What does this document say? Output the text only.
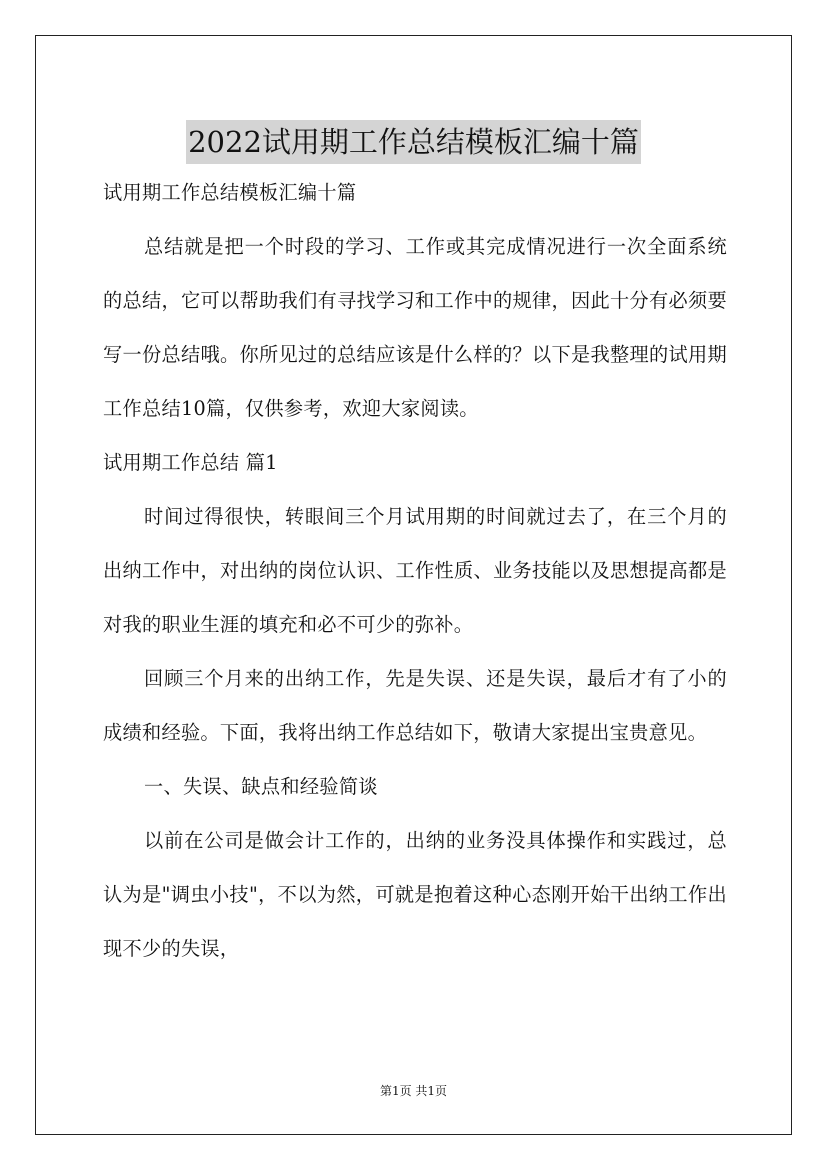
2022试用期工作总结模板汇编十篇

试用期工作总结模板汇编十篇

总结就是把一个时段的学习、工作或其完成情况进行一次全面系统的总结，它可以帮助我们有寻找学习和工作中的规律，因此十分有必须要写一份总结哦。你所见过的总结应该是什么样的？以下是我整理的试用期工作总结10篇，仅供参考，欢迎大家阅读。

试用期工作总结 篇1

时间过得很快，转眼间三个月试用期的时间就过去了，在三个月的出纳工作中，对出纳的岗位认识、工作性质、业务技能以及思想提高都是对我的职业生涯的填充和必不可少的弥补。

回顾三个月来的出纳工作，先是失误、还是失误，最后才有了小的成绩和经验。下面，我将出纳工作总结如下，敬请大家提出宝贵意见。

一、失误、缺点和经验简谈

以前在公司是做会计工作的，出纳的业务没具体操作和实践过，总认为是"调虫小技"，不以为然，可就是抱着这种心态刚开始干出纳工作出现不少的失误，

第1页 共1页
